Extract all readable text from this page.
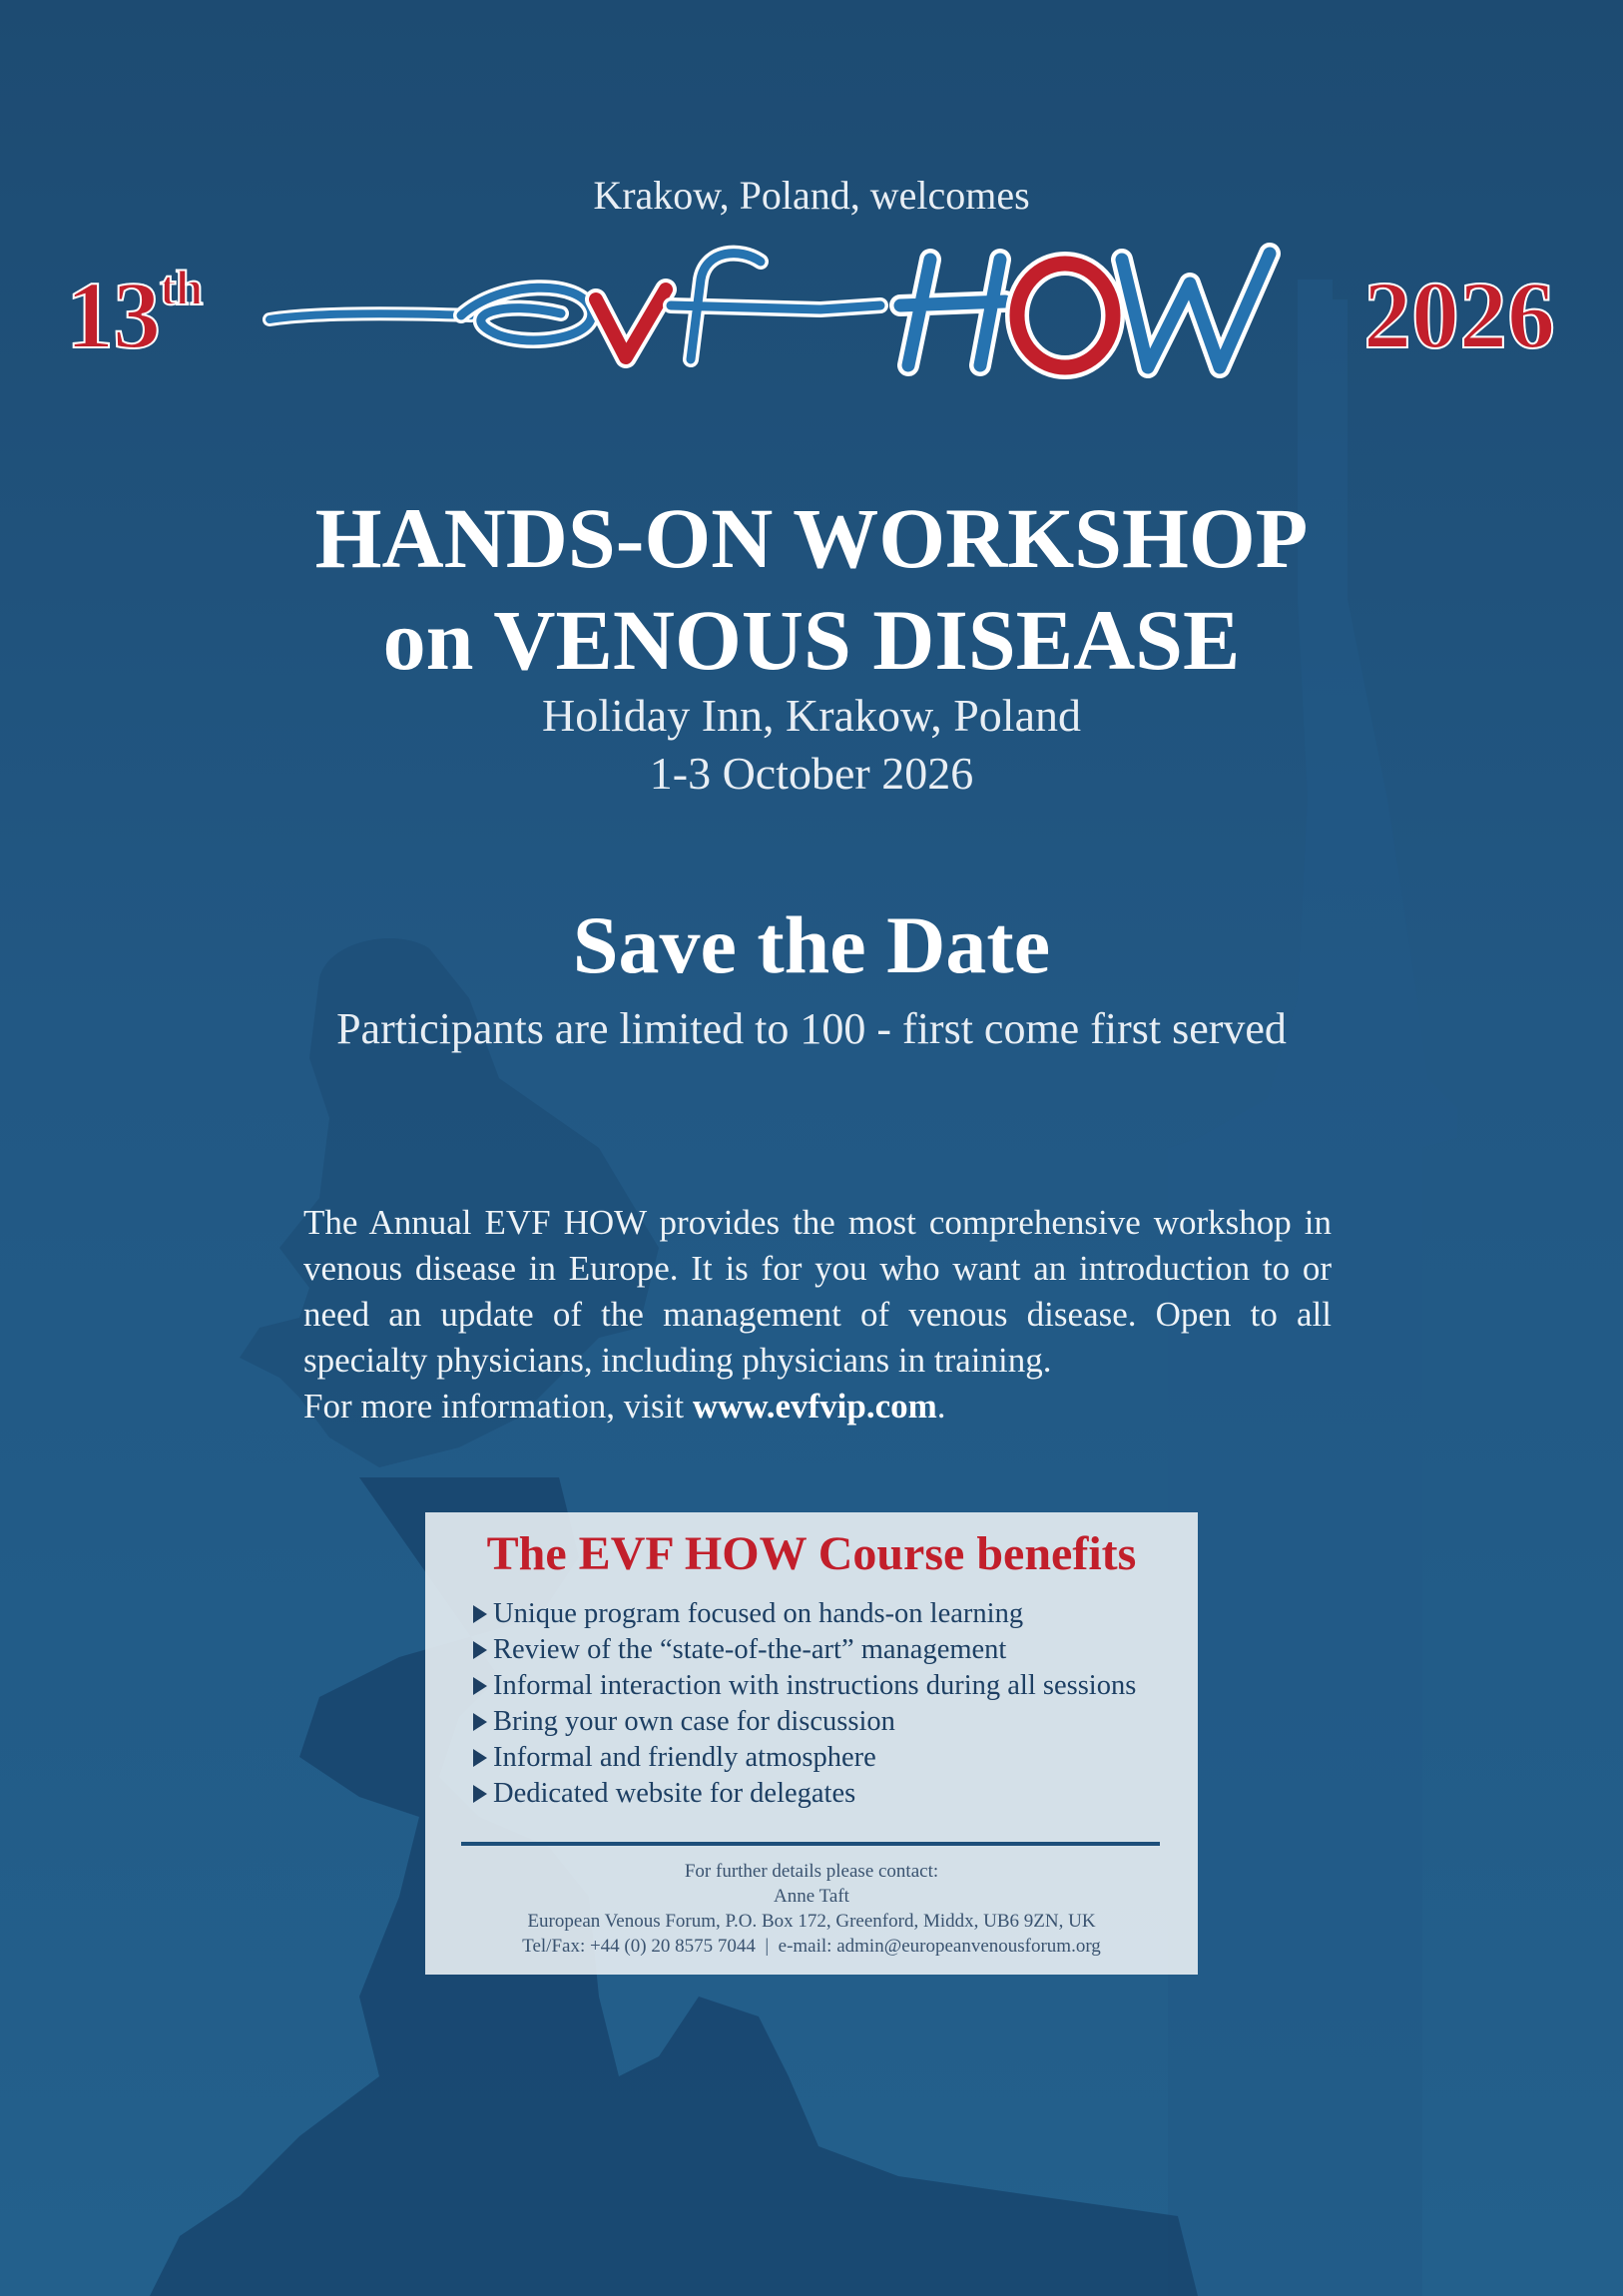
Krakow, Poland, welcomes
13th	2026
HANDS-ON WORKSHOP
on VENOUS DISEASE
Holiday Inn, Krakow, Poland
1-3 October 2026
Save the Date
Participants are limited to 100 - first come first served

The Annual EVF HOW provides the most comprehensive workshop in venous disease in Europe. It is for you who want an introduction to or need an update of the management of venous disease. Open to all specialty physicians, including physicians in training.

For more information, visit www.evfvip.com.

The EVF HOW Course benefits
Unique program focused on hands-on learning
Review of the “state-of-the-art” management
Informal interaction with instructions during all sessions
Bring your own case for discussion
Informal and friendly atmosphere
Dedicated website for delegates
For further details please contact:
Anne Taft
European Venous Forum, P.O. Box 172, Greenford, Middx, UB6 9ZN, UK
Tel/Fax: +44 (0) 20 8575 7044  |  e-mail: admin@europeanvenousforum.org
